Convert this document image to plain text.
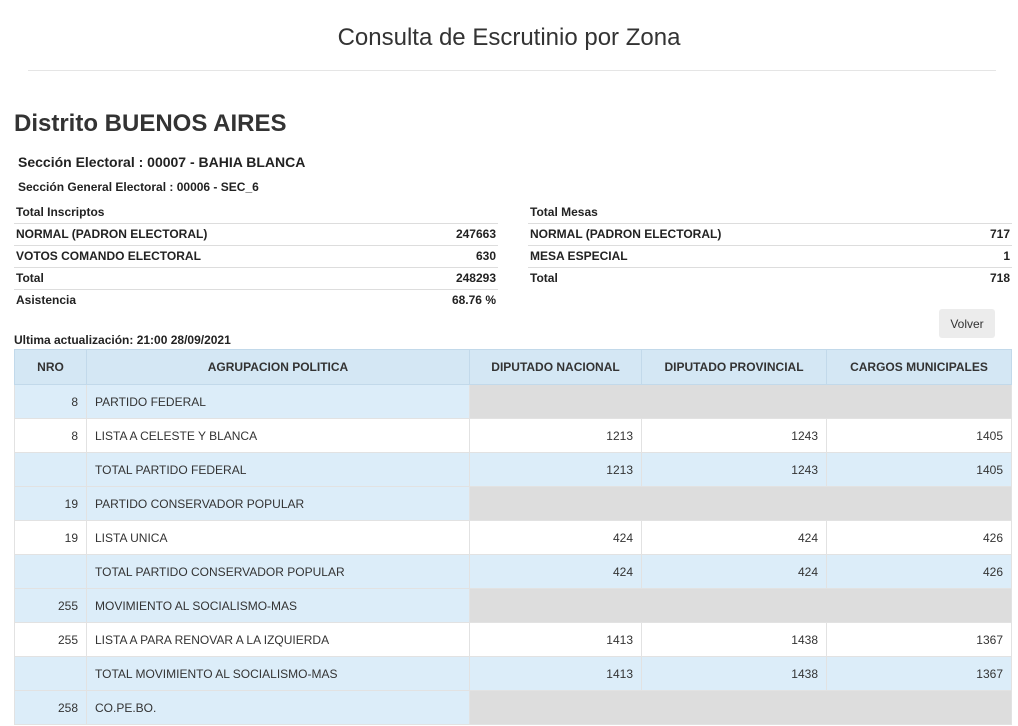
Consulta de Escrutinio por Zona
Distrito BUENOS AIRES
Sección Electoral : 00007 - BAHIA BLANCA
Sección General Electoral : 00006 - SEC_6
Total Inscriptos	
NORMAL (PADRON ELECTORAL)	247663
VOTOS COMANDO ELECTORAL	630
Total	248293
Asistencia	68.76 %
Total Mesas	
NORMAL (PADRON ELECTORAL)	717
MESA ESPECIAL	1
Total	718
Ultima actualización: 21:00 28/09/2021
Volver
NRO	AGRUPACION POLITICA	DIPUTADO NACIONAL	DIPUTADO PROVINCIAL	CARGOS MUNICIPALES
8	PARTIDO FEDERAL			
8	LISTA A CELESTE Y BLANCA	1213	1243	1405
	TOTAL PARTIDO FEDERAL	1213	1243	1405
19	PARTIDO CONSERVADOR POPULAR			
19	LISTA UNICA	424	424	426
	TOTAL PARTIDO CONSERVADOR POPULAR	424	424	426
255	MOVIMIENTO AL SOCIALISMO-MAS			
255	LISTA A PARA RENOVAR A LA IZQUIERDA	1413	1438	1367
	TOTAL MOVIMIENTO AL SOCIALISMO-MAS	1413	1438	1367
258	CO.PE.BO.			
